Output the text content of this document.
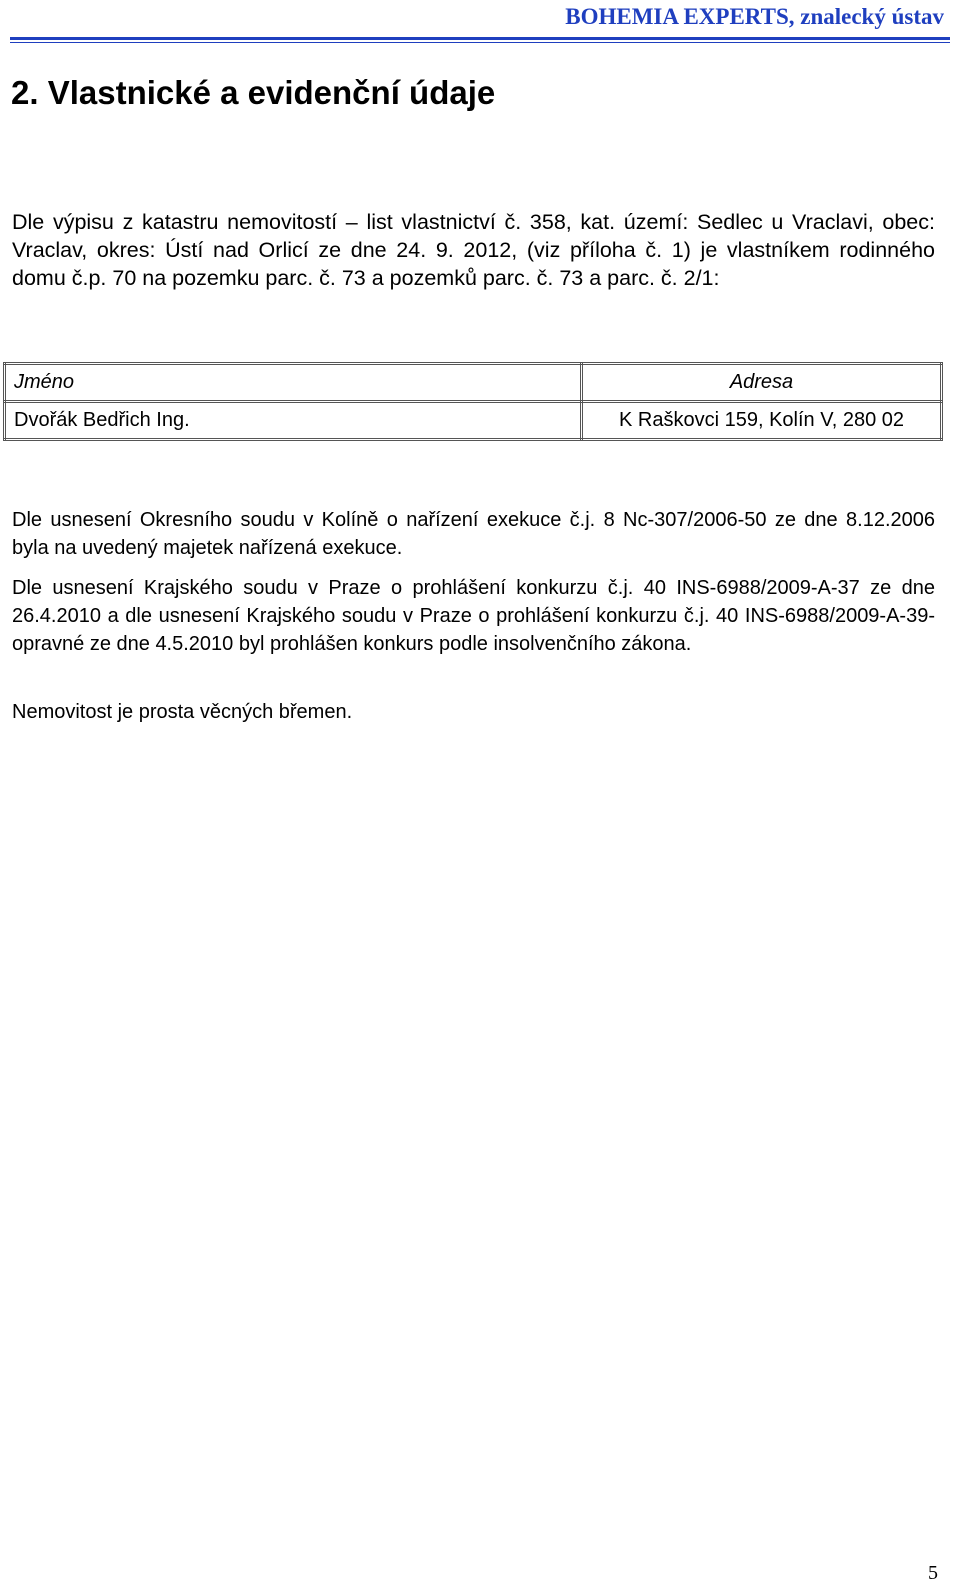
BOHEMIA EXPERTS, znalecký ústav
2. Vlastnické a evidenční údaje

Dle výpisu z katastru nemovitostí – list vlastnictví č. 358, kat. území: Sedlec u Vraclavi, obec: Vraclav, okres: Ústí nad Orlicí ze dne 24. 9. 2012, (viz příloha č. 1) je vlastníkem rodinného domu č.p. 70 na pozemku parc. č. 73 a pozemků parc. č. 73 a parc. č. 2/1:

Jméno	Adresa
Dvořák Bedřich Ing.	K Raškovci 159, Kolín V, 280 02

Dle usnesení Okresního soudu v Kolíně o nařízení exekuce č.j. 8 Nc-307/2006-50 ze dne 8.12.2006 byla na uvedený majetek nařízená exekuce.

Dle usnesení Krajského soudu v Praze o prohlášení konkurzu č.j. 40 INS-6988/2009-A-37 ze dne 26.4.2010 a dle usnesení Krajského soudu v Praze o prohlášení konkurzu č.j. 40 INS-6988/2009-A-39-opravné ze dne 4.5.2010 byl prohlášen konkurs podle insolvenčního zákona.

Nemovitost je prosta věcných břemen.

5
